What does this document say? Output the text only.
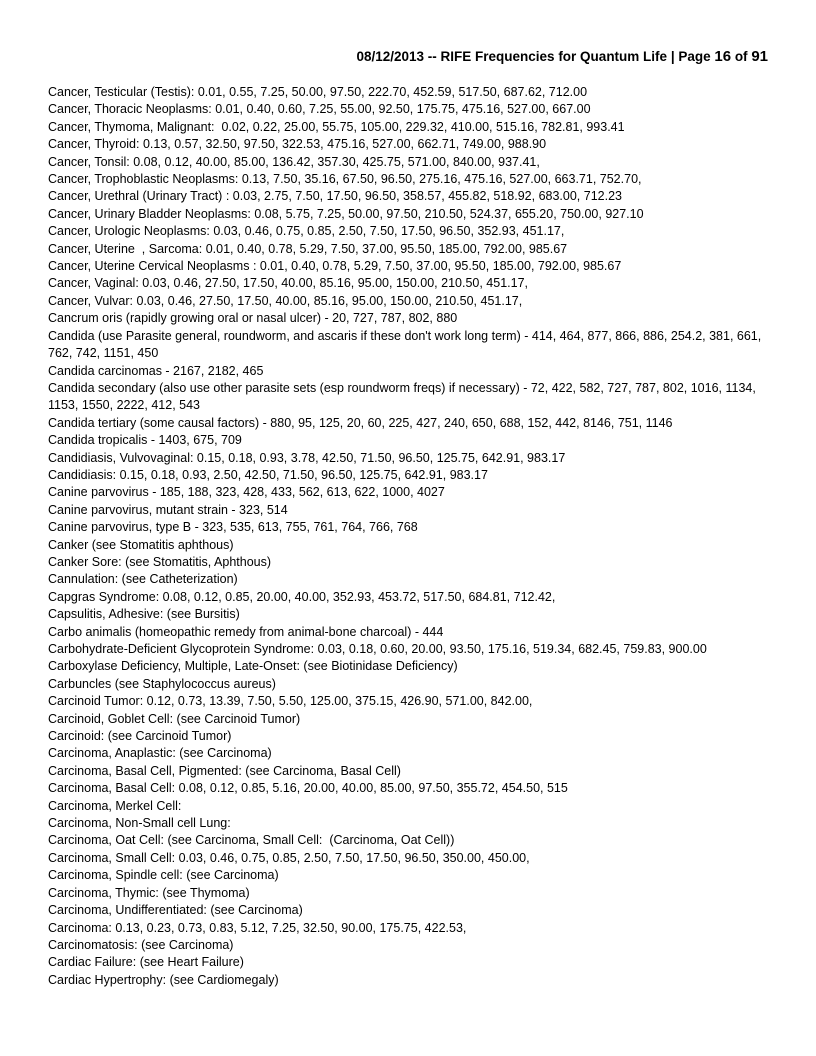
08/12/2013 -- RIFE Frequencies for Quantum Life | Page 16 of 91
Cancer, Testicular (Testis): 0.01, 0.55, 7.25, 50.00, 97.50, 222.70, 452.59, 517.50, 687.62, 712.00
Cancer, Thoracic Neoplasms: 0.01, 0.40, 0.60, 7.25, 55.00, 92.50, 175.75, 475.16, 527.00, 667.00
Cancer, Thymoma, Malignant:  0.02, 0.22, 25.00, 55.75, 105.00, 229.32, 410.00, 515.16, 782.81, 993.41
Cancer, Thyroid: 0.13, 0.57, 32.50, 97.50, 322.53, 475.16, 527.00, 662.71, 749.00, 988.90
Cancer, Tonsil: 0.08, 0.12, 40.00, 85.00, 136.42, 357.30, 425.75, 571.00, 840.00, 937.41,
Cancer, Trophoblastic Neoplasms: 0.13, 7.50, 35.16, 67.50, 96.50, 275.16, 475.16, 527.00, 663.71, 752.70,
Cancer, Urethral (Urinary Tract) : 0.03, 2.75, 7.50, 17.50, 96.50, 358.57, 455.82, 518.92, 683.00, 712.23
Cancer, Urinary Bladder Neoplasms: 0.08, 5.75, 7.25, 50.00, 97.50, 210.50, 524.37, 655.20, 750.00, 927.10
Cancer, Urologic Neoplasms: 0.03, 0.46, 0.75, 0.85, 2.50, 7.50, 17.50, 96.50, 352.93, 451.17,
Cancer, Uterine  , Sarcoma: 0.01, 0.40, 0.78, 5.29, 7.50, 37.00, 95.50, 185.00, 792.00, 985.67
Cancer, Uterine Cervical Neoplasms : 0.01, 0.40, 0.78, 5.29, 7.50, 37.00, 95.50, 185.00, 792.00, 985.67
Cancer, Vaginal: 0.03, 0.46, 27.50, 17.50, 40.00, 85.16, 95.00, 150.00, 210.50, 451.17,
Cancer, Vulvar: 0.03, 0.46, 27.50, 17.50, 40.00, 85.16, 95.00, 150.00, 210.50, 451.17,
Cancrum oris (rapidly growing oral or nasal ulcer) - 20, 727, 787, 802, 880
Candida (use Parasite general, roundworm, and ascaris if these don't work long term) - 414, 464, 877, 866, 886, 254.2, 381, 661, 762, 742, 1151, 450
Candida carcinomas - 2167, 2182, 465
Candida secondary (also use other parasite sets (esp roundworm freqs) if necessary) - 72, 422, 582, 727, 787, 802, 1016, 1134, 1153, 1550, 2222, 412, 543
Candida tertiary (some causal factors) - 880, 95, 125, 20, 60, 225, 427, 240, 650, 688, 152, 442, 8146, 751, 1146
Candida tropicalis - 1403, 675, 709
Candidiasis, Vulvovaginal: 0.15, 0.18, 0.93, 3.78, 42.50, 71.50, 96.50, 125.75, 642.91, 983.17
Candidiasis: 0.15, 0.18, 0.93, 2.50, 42.50, 71.50, 96.50, 125.75, 642.91, 983.17
Canine parvovirus - 185, 188, 323, 428, 433, 562, 613, 622, 1000, 4027
Canine parvovirus, mutant strain - 323, 514
Canine parvovirus, type B - 323, 535, 613, 755, 761, 764, 766, 768
Canker (see Stomatitis aphthous)
Canker Sore: (see Stomatitis, Aphthous)
Cannulation: (see Catheterization)
Capgras Syndrome: 0.08, 0.12, 0.85, 20.00, 40.00, 352.93, 453.72, 517.50, 684.81, 712.42,
Capsulitis, Adhesive: (see Bursitis)
Carbo animalis (homeopathic remedy from animal-bone charcoal) - 444
Carbohydrate-Deficient Glycoprotein Syndrome: 0.03, 0.18, 0.60, 20.00, 93.50, 175.16, 519.34, 682.45, 759.83, 900.00
Carboxylase Deficiency, Multiple, Late-Onset: (see Biotinidase Deficiency)
Carbuncles (see Staphylococcus aureus)
Carcinoid Tumor: 0.12, 0.73, 13.39, 7.50, 5.50, 125.00, 375.15, 426.90, 571.00, 842.00,
Carcinoid, Goblet Cell: (see Carcinoid Tumor)
Carcinoid: (see Carcinoid Tumor)
Carcinoma, Anaplastic: (see Carcinoma)
Carcinoma, Basal Cell, Pigmented: (see Carcinoma, Basal Cell)
Carcinoma, Basal Cell: 0.08, 0.12, 0.85, 5.16, 20.00, 40.00, 85.00, 97.50, 355.72, 454.50, 515
Carcinoma, Merkel Cell:
Carcinoma, Non-Small cell Lung:
Carcinoma, Oat Cell: (see Carcinoma, Small Cell:  (Carcinoma, Oat Cell))
Carcinoma, Small Cell: 0.03, 0.46, 0.75, 0.85, 2.50, 7.50, 17.50, 96.50, 350.00, 450.00,
Carcinoma, Spindle cell: (see Carcinoma)
Carcinoma, Thymic: (see Thymoma)
Carcinoma, Undifferentiated: (see Carcinoma)
Carcinoma: 0.13, 0.23, 0.73, 0.83, 5.12, 7.25, 32.50, 90.00, 175.75, 422.53,
Carcinomatosis: (see Carcinoma)
Cardiac Failure: (see Heart Failure)
Cardiac Hypertrophy: (see Cardiomegaly)
